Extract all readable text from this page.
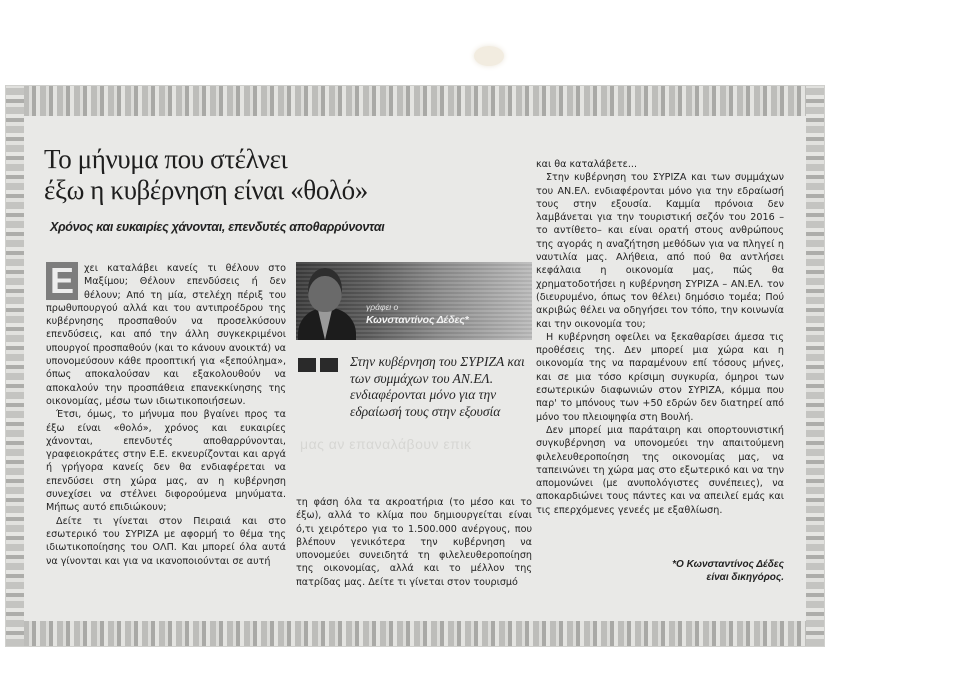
Το μήνυμα που στέλνει
έξω η κυβέρνηση είναι «θολό»
Χρόνος και ευκαιρίες χάνονται, επενδυτές αποθαρρύνονται

Ε	χει καταλάβει κανείς τι θέλουν στο Μαξίμου; Θέλουν επενδύσεις ή δεν θέλουν; Από τη μία, στελέχη πέριξ του πρωθυπουργού αλλά και του αντιπροέδρου της κυβέρνησης προσπαθούν να προσελκύσουν επενδύσεις, και από την άλλη συγκεκριμένοι υπουργοί προσπαθούν (και το κάνουν ανοικτά) να υπονομεύσουν κάθε προοπτική για «ξεπούλημα», όπως αποκαλούσαν και εξακολουθούν να αποκαλούν την προσπάθεια επανεκκίνησης της οικονομίας, μέσω των ιδιωτικοποιήσεων.

Έτσι, όμως, το μήνυμα που βγαίνει προς τα έξω είναι «θολό», χρόνος και ευκαιρίες χάνονται, επενδυτές αποθαρρύνονται, γραφειοκράτες στην Ε.Ε. εκνευρίζονται και αργά ή γρήγορα κανείς δεν θα ενδιαφέρεται να επενδύσει στη χώρα μας, αν η κυβέρνηση συνεχίσει να στέλνει διφορούμενα μηνύματα. Μήπως αυτό επιδιώκουν;

Δείτε τι γίνεται στον Πειραιά και στο εσωτερικό του ΣΥΡΙΖΑ με αφορμή το θέμα της ιδιωτικοποίησης του ΟΛΠ. Και μπορεί όλα αυτά να γίνονται και για να ικανοποιούνται σε αυτή

γράφει ο
Κωνσταντίνος Δέδες*
Στην κυβέρνηση του ΣΥΡΙΖΑ και των συμμάχων του ΑΝ.ΕΛ. ενδιαφέρονται μόνο για την εδραίωσή τους στην εξουσία
μας αν επαναλάβουν επικ

τη φάση όλα τα ακροατήρια (το μέσο και το έξω), αλλά το κλίμα που δημιουργείται είναι ό,τι χειρότερο για το 1.500.000 ανέργους, που βλέπουν γενικότερα την κυβέρνηση να υπονομεύει συνειδητά τη φιλελευθεροποίηση της οικονομίας, αλλά και το μέλλον της πατρίδας μας. Δείτε τι γίνεται στον τουρισμό

και θα καταλάβετε...

Στην κυβέρνηση του ΣΥΡΙΖΑ και των συμμάχων του ΑΝ.ΕΛ. ενδιαφέρονται μόνο για την εδραίωσή τους στην εξουσία. Καμμία πρόνοια δεν λαμβάνεται για την τουριστική σεζόν του 2016 –το αντίθετο– και είναι ορατή στους ανθρώπους της αγοράς η αναζήτηση μεθόδων για να πληγεί η ναυτιλία μας. Αλήθεια, από πού θα αντλήσει κεφάλαια η οικονομία μας, πώς θα χρηματοδοτήσει η κυβέρνηση ΣΥΡΙΖΑ – ΑΝ.ΕΛ. τον (διευρυμένο, όπως τον θέλει) δημόσιο τομέα; Πού ακριβώς θέλει να οδηγήσει τον τόπο, την κοινωνία και την οικονομία του;

Η κυβέρνηση οφείλει να ξεκαθαρίσει άμεσα τις προθέσεις της. Δεν μπορεί μια χώρα και η οικονομία της να παραμένουν επί τόσους μήνες, και σε μια τόσο κρίσιμη συγκυρία, όμηροι των εσωτερικών διαφωνιών στον ΣΥΡΙΖΑ, κόμμα που παρ' το μπόνους των +50 εδρών δεν διατηρεί από μόνο του πλειοψηφία στη Βουλή.

Δεν μπορεί μια παράταιρη και οπορτουνιστική συγκυβέρνηση να υπονομεύει την απαιτούμενη φιλελευθεροποίηση της οικονομίας μας, να ταπεινώνει τη χώρα μας στο εξωτερικό και να την απομονώνει (με ανυπολόγιστες συνέπειες), να αποκαρδιώνει τους πάντες και να απειλεί εμάς και τις επερχόμενες γενεές με εξαθλίωση.

*Ο Κωνσταντίνος Δέδες
είναι δικηγόρος.
